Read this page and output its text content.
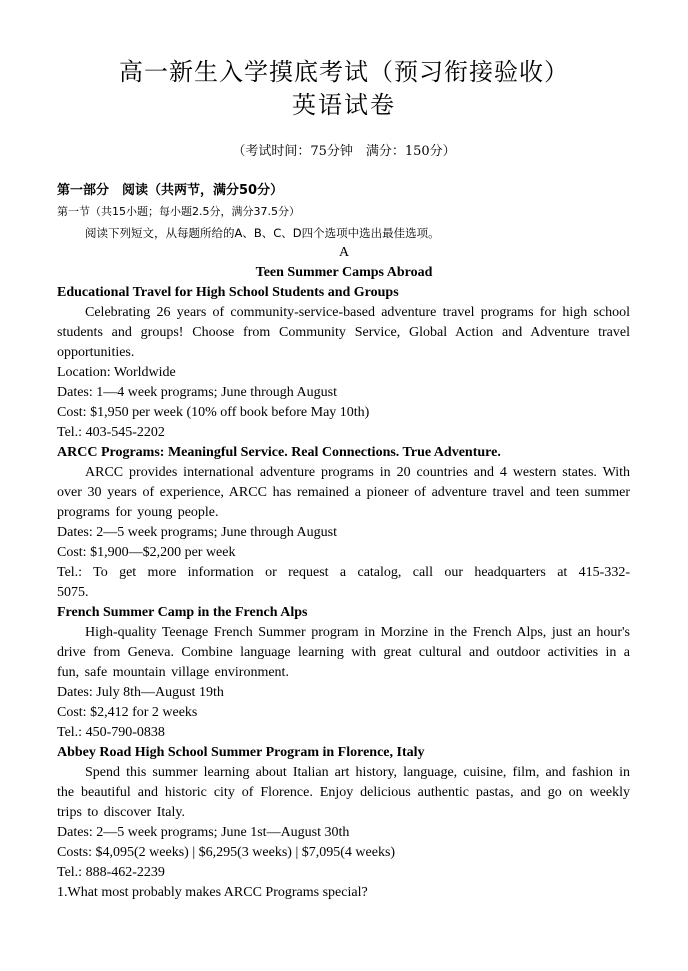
高一新生入学摸底考试（预习衔接验收）
英语试卷
（考试时间：75分钟　满分：150分）
第一部分　阅读（共两节，满分50分）
第一节（共15小题；每小题2.5分，满分37.5分）
阅读下列短文，从每题所给的A、B、C、D四个选项中选出最佳选项。
A
Teen Summer Camps Abroad

Educational Travel for High School Students and Groups

Celebrating 26 years of community-service-based adventure travel programs for high school students and groups! Choose from Community Service, Global Action and Adventure travel opportunities.

Location: Worldwide

Dates: 1—4 week programs; June through August

Cost: $1,950 per week (10% off book before May 10th)

Tel.: 403-545-2202

ARCC Programs: Meaningful Service. Real Connections. True Adventure.

ARCC provides international adventure programs in 20 countries and 4 western states. With over 30 years of experience, ARCC has remained a pioneer of adventure travel and teen summer programs for young people.

Dates: 2—5 week programs; June through August

Cost: $1,900—$2,200 per week

Tel.: To get more information or request a catalog, call our headquarters at 415-332-5075.

French Summer Camp in the French Alps

High-quality Teenage French Summer program in Morzine in the French Alps, just an hour's drive from Geneva. Combine language learning with great cultural and outdoor activities in a fun, safe mountain village environment.

Dates: July 8th—August 19th

Cost: $2,412 for 2 weeks

Tel.: 450-790-0838

Abbey Road High School Summer Program in Florence, Italy

Spend this summer learning about Italian art history, language, cuisine, film, and fashion in the beautiful and historic city of Florence. Enjoy delicious authentic pastas, and go on weekly trips to discover Italy.

Dates: 2—5 week programs; June 1st—August 30th

Costs: $4,095(2 weeks) | $6,295(3 weeks) | $7,095(4 weeks)

Tel.: 888-462-2239

1.What most probably makes ARCC Programs special?
